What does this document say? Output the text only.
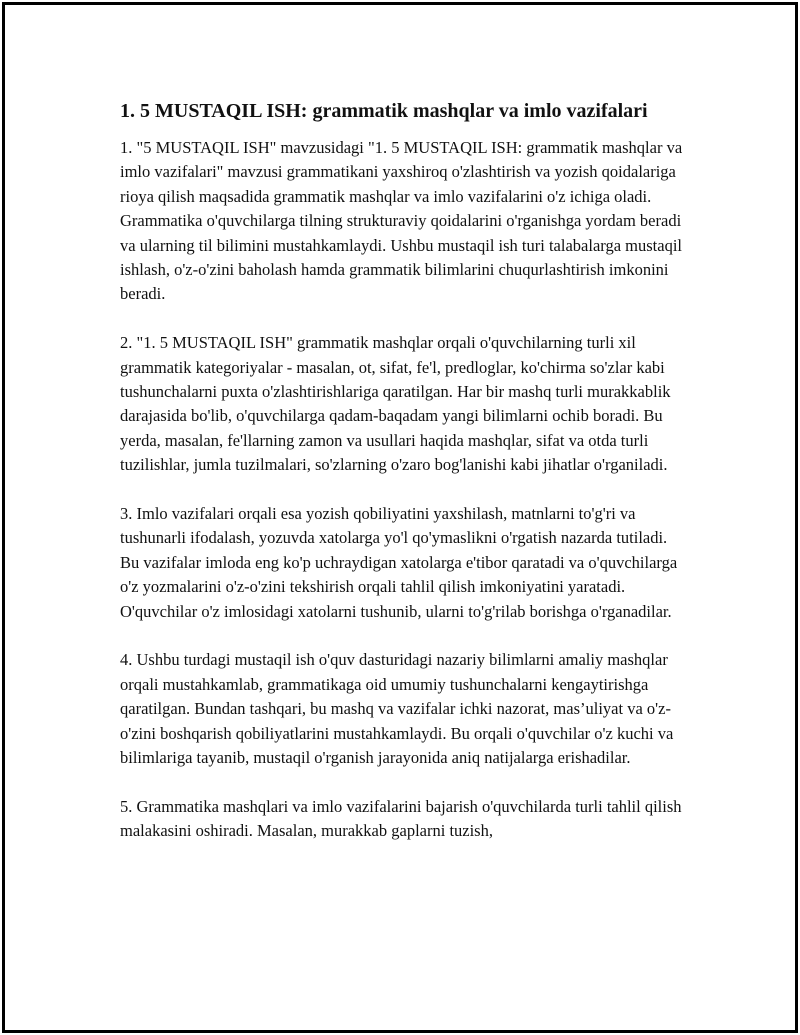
1. 5 MUSTAQIL ISH: grammatik mashqlar va imlo vazifalari

1. "5 MUSTAQIL ISH" mavzusidagi "1. 5 MUSTAQIL ISH: grammatik mashqlar va imlo vazifalari" mavzusi grammatikani yaxshiroq o'zlashtirish va yozish qoidalariga rioya qilish maqsadida grammatik mashqlar va imlo vazifalarini o'z ichiga oladi. Grammatika o'quvchilarga tilning strukturaviy qoidalarini o'rganishga yordam beradi va ularning til bilimini mustahkamlaydi. Ushbu mustaqil ish turi talabalarga mustaqil ishlash, o'z-o'zini baholash hamda grammatik bilimlarini chuqurlashtirish imkonini beradi.

2. "1. 5 MUSTAQIL ISH" grammatik mashqlar orqali o'quvchilarning turli xil grammatik kategoriyalar - masalan, ot, sifat, fe'l, predloglar, ko'chirma so'zlar kabi tushunchalarni puxta o'zlashtirishlariga qaratilgan. Har bir mashq turli murakkablik darajasida bo'lib, o'quvchilarga qadam-baqadam yangi bilimlarni ochib boradi. Bu yerda, masalan, fe'llarning zamon va usullari haqida mashqlar, sifat va otda turli tuzilishlar, jumla tuzilmalari, so'zlarning o'zaro bog'lanishi kabi jihatlar o'rganiladi.

3. Imlo vazifalari orqali esa yozish qobiliyatini yaxshilash, matnlarni to'g'ri va tushunarli ifodalash, yozuvda xatolarga yo'l qo'ymaslikni o'rgatish nazarda tutiladi. Bu vazifalar imloda eng ko'p uchraydigan xatolarga e'tibor qaratadi va o'quvchilarga o'z yozmalarini o'z-o'zini tekshirish orqali tahlil qilish imkoniyatini yaratadi. O'quvchilar o'z imlosidagi xatolarni tushunib, ularni to'g'rilab borishga o'rganadilar.

4. Ushbu turdagi mustaqil ish o'quv dasturidagi nazariy bilimlarni amaliy mashqlar orqali mustahkamlab, grammatikaga oid umumiy tushunchalarni kengaytirishga qaratilgan. Bundan tashqari, bu mashq va vazifalar ichki nazorat, mas’uliyat va o'z-o'zini boshqarish qobiliyatlarini mustahkamlaydi. Bu orqali o'quvchilar o'z kuchi va bilimlariga tayanib, mustaqil o'rganish jarayonida aniq natijalarga erishadilar.

5. Grammatika mashqlari va imlo vazifalarini bajarish o'quvchilarda turli tahlil qilish malakasini oshiradi. Masalan, murakkab gaplarni tuzish,
